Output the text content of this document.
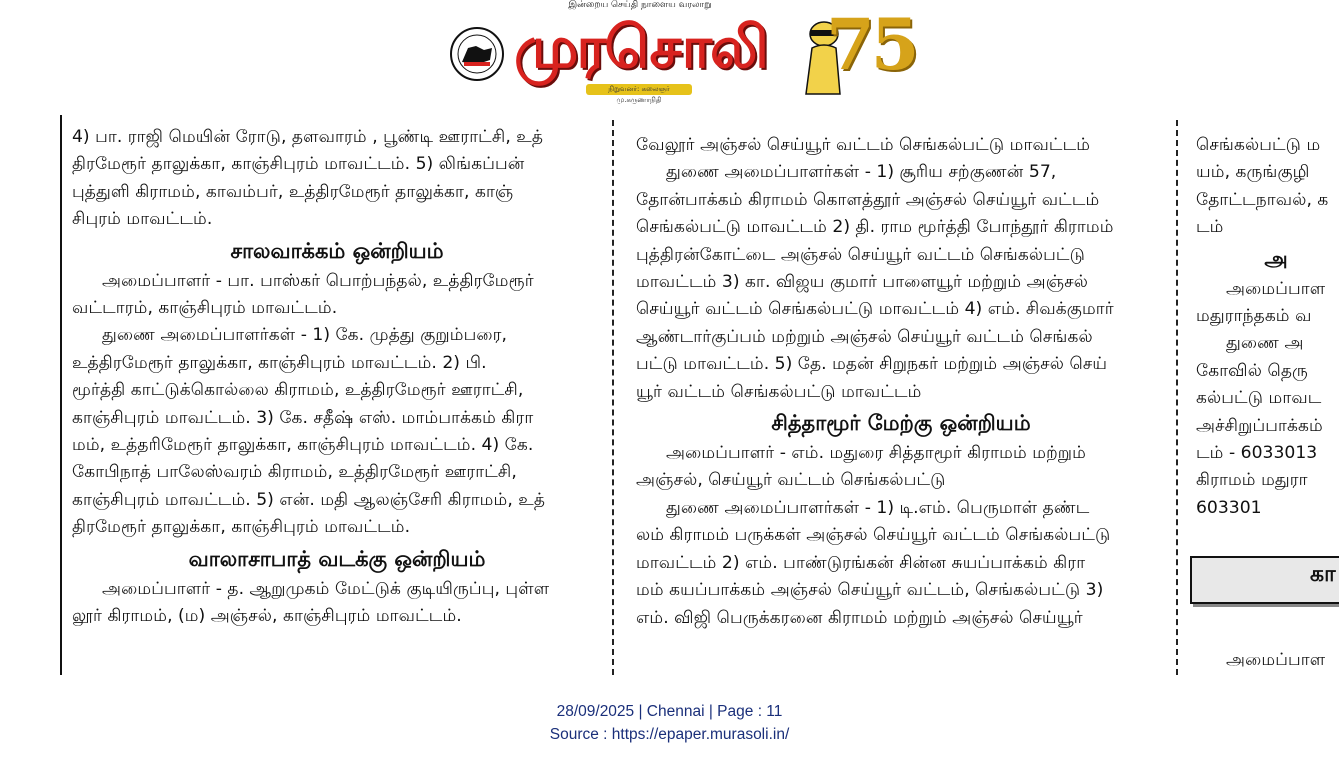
இன்றைய செய்தி நாளைய வரலாறு
முரசொலி
நிறுவனர்: கலைஞர் மு.கருணாநிதி
75
4) பா. ராஜி மெயின் ரோடு, தளவாரம் , பூண்டி ஊராட்சி, உத்
திரமேரூர் தாலுக்கா, காஞ்சிபுரம் மாவட்டம். 5) லிங்கப்பன்
புத்துளி கிராமம், காவம்பர், உத்திரமேரூர் தாலுக்கா, காஞ்
சிபுரம் மாவட்டம்.
சாலவாக்கம் ஒன்றியம்
அமைப்பாளர் - பா. பாஸ்கர் பொற்பந்தல், உத்திரமேரூர்
வட்டாரம், காஞ்சிபுரம் மாவட்டம்.
துணை அமைப்பாளர்கள் - 1) கே. முத்து குறும்பரை,
உத்திரமேரூர் தாலுக்கா, காஞ்சிபுரம் மாவட்டம். 2) பி.
மூர்த்தி காட்டுக்கொல்லை கிராமம், உத்திரமேரூர் ஊராட்சி,
காஞ்சிபுரம் மாவட்டம். 3) கே. சதீஷ் எஸ். மாம்பாக்கம் கிரா
மம், உத்தரிமேரூர் தாலுக்கா, காஞ்சிபுரம் மாவட்டம். 4) கே.
கோபிநாத் பாலேஸ்வரம் கிராமம், உத்திரமேரூர் ஊராட்சி,
காஞ்சிபுரம் மாவட்டம். 5) என். மதி ஆலஞ்சேரி கிராமம், உத்
திரமேரூர் தாலுக்கா, காஞ்சிபுரம் மாவட்டம்.
வாலாசாபாத் வடக்கு ஒன்றியம்
அமைப்பாளர் - த. ஆறுமுகம் மேட்டுக் குடியிருப்பு, புள்ள
லூர் கிராமம், (ம) அஞ்சல், காஞ்சிபுரம் மாவட்டம்.
வேலூர் அஞ்சல் செய்யூர் வட்டம் செங்கல்பட்டு மாவட்டம்
துணை அமைப்பாளர்கள் - 1) சூரிய சற்குணன் 57,
தோன்பாக்கம் கிராமம் கொளத்தூர் அஞ்சல் செய்யூர் வட்டம்
செங்கல்பட்டு மாவட்டம் 2) தி. ராம மூர்த்தி போந்தூர் கிராமம்
புத்திரன்கோட்டை அஞ்சல் செய்யூர் வட்டம் செங்கல்பட்டு
மாவட்டம் 3) கா. விஜய குமார் பாளையூர் மற்றும் அஞ்சல்
செய்யூர் வட்டம் செங்கல்பட்டு மாவட்டம் 4) எம். சிவக்குமார்
ஆண்டார்குப்பம் மற்றும் அஞ்சல் செய்யூர் வட்டம் செங்கல்
பட்டு மாவட்டம். 5) தே. மதன் சிறுநகர் மற்றும் அஞ்சல் செய்
யூர் வட்டம் செங்கல்பட்டு மாவட்டம்
சித்தாமூர் மேற்கு ஒன்றியம்
அமைப்பாளர் - எம். மதுரை சித்தாமூர் கிராமம் மற்றும்
அஞ்சல், செய்யூர் வட்டம் செங்கல்பட்டு
துணை அமைப்பாளர்கள் - 1) டி.எம். பெருமாள் தண்ட
லம் கிராமம் பருக்கள் அஞ்சல் செய்யூர் வட்டம் செங்கல்பட்டு
மாவட்டம் 2) எம். பாண்டுரங்கன் சின்ன சுயப்பாக்கம் கிரா
மம் கயப்பாக்கம் அஞ்சல் செய்யூர் வட்டம், செங்கல்பட்டு 3)
எம். விஜி பெருக்கரனை கிராமம் மற்றும் அஞ்சல் செய்யூர்
செங்கல்பட்டு ம
யம், கருங்குழி
தோட்டநாவல், க
டம்
அ
அமைப்பாள
மதுராந்தகம் வ
துணை அ
கோவில் தெரு
கல்பட்டு மாவட
அச்சிறுப்பாக்கம்
டம் - 6033013
கிராமம் மதுரா
603301
கா
அமைப்பாள
28/09/2025 | Chennai | Page : 11
Source : https://epaper.murasoli.in/
